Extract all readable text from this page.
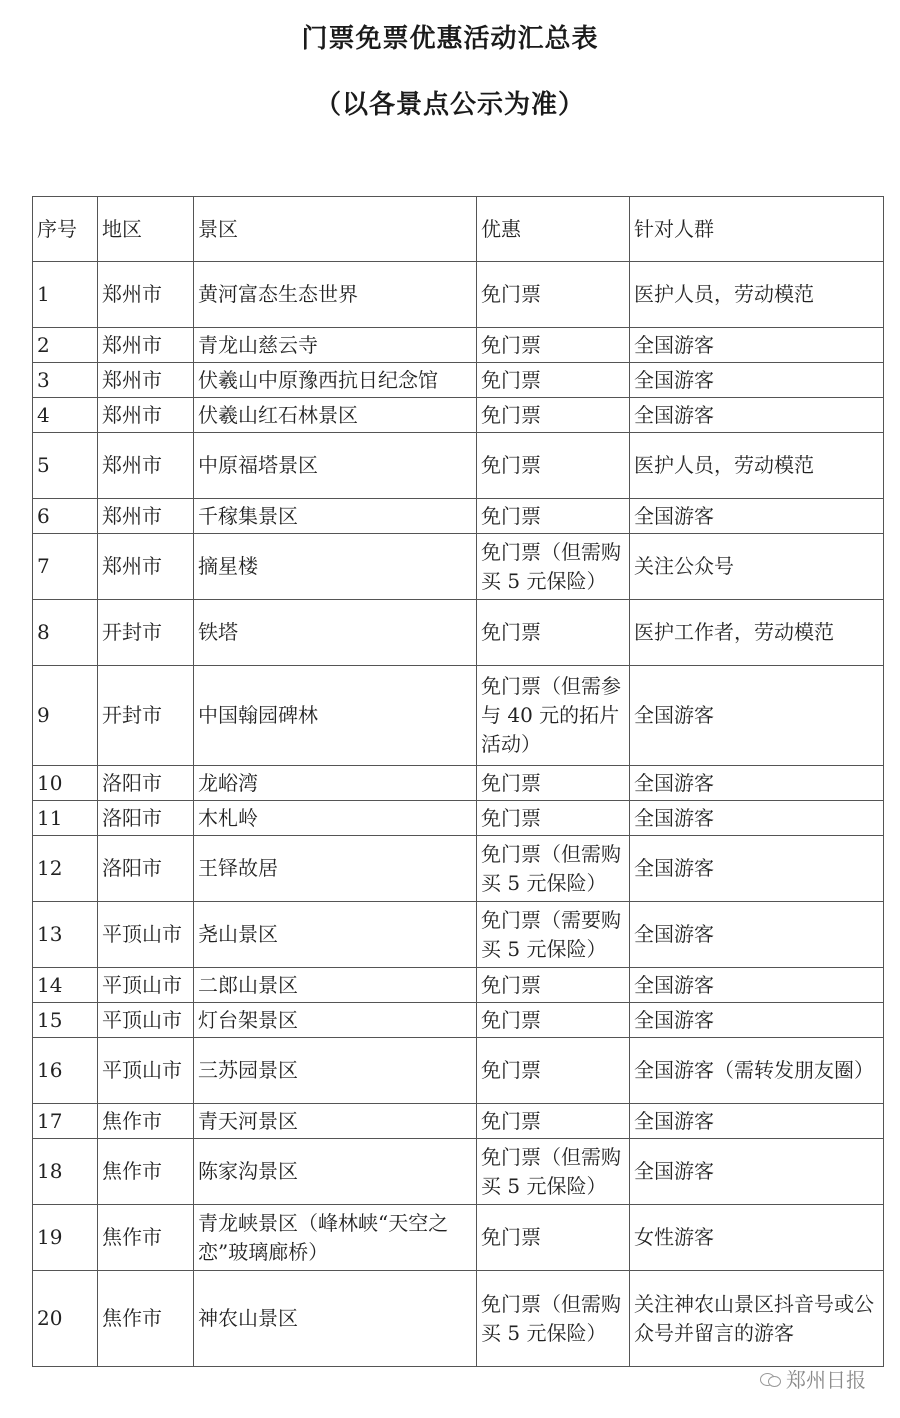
门票免票优惠活动汇总表
（以各景点公示为准）
序号	地区	景区	优惠	针对人群
1	郑州市	黄河富态生态世界	免门票	医护人员，劳动模范
2	郑州市	青龙山慈云寺	免门票	全国游客
3	郑州市	伏羲山中原豫西抗日纪念馆	免门票	全国游客
4	郑州市	伏羲山红石林景区	免门票	全国游客
5	郑州市	中原福塔景区	免门票	医护人员，劳动模范
6	郑州市	千稼集景区	免门票	全国游客
7	郑州市	摘星楼	免门票（但需购买 5 元保险）	关注公众号
8	开封市	铁塔	免门票	医护工作者，劳动模范
9	开封市	中国翰园碑林	免门票（但需参与 40 元的拓片活动）	全国游客
10	洛阳市	龙峪湾	免门票	全国游客
11	洛阳市	木札岭	免门票	全国游客
12	洛阳市	王铎故居	免门票（但需购买 5 元保险）	全国游客
13	平顶山市	尧山景区	免门票（需要购买 5 元保险）	全国游客
14	平顶山市	二郎山景区	免门票	全国游客
15	平顶山市	灯台架景区	免门票	全国游客
16	平顶山市	三苏园景区	免门票	全国游客（需转发朋友圈）
17	焦作市	青天河景区	免门票	全国游客
18	焦作市	陈家沟景区	免门票（但需购买 5 元保险）	全国游客
19	焦作市	青龙峡景区（峰林峡“天空之恋”玻璃廊桥）	免门票	女性游客
20	焦作市	神农山景区	免门票（但需购买 5 元保险）	关注神农山景区抖音号或公众号并留言的游客
郑州日报
